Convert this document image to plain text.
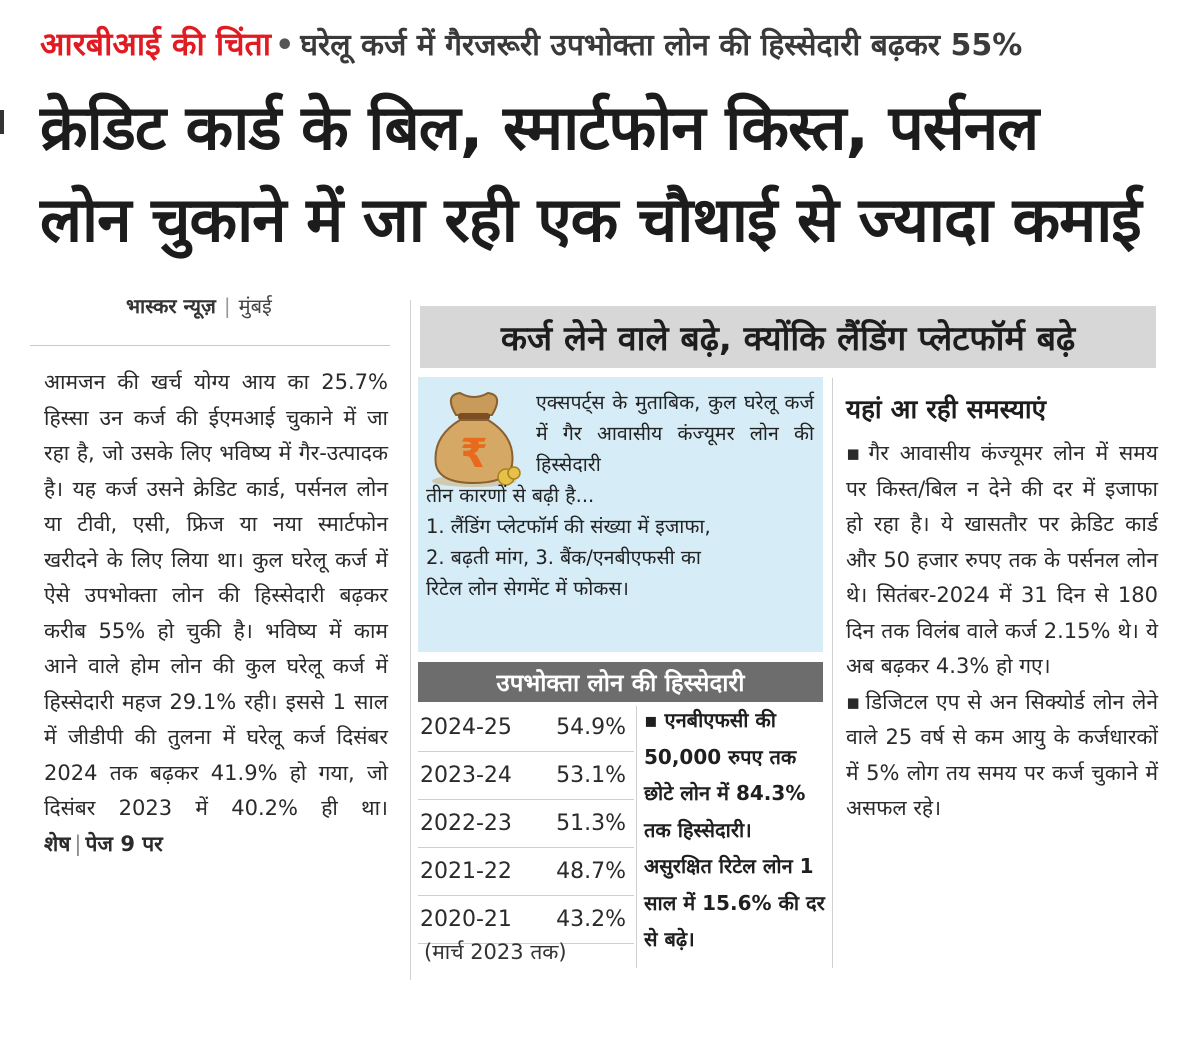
आरबीआई की चिंता • घरेलू कर्ज में गैरजरूरी उपभोक्ता लोन की हिस्सेदारी बढ़कर 55%
क्रेडिट कार्ड के बिल, स्मार्टफोन किस्त, पर्सनल
लोन चुकाने में जा रही एक चौथाई से ज्यादा कमाई
भास्कर न्यूज़ | मुंबई
आमजन की खर्च योग्य आय का 25.7% हिस्सा उन कर्ज की ईएमआई चुकाने में जा रहा है, जो उसके लिए भविष्य में गैर-उत्पादक है। यह कर्ज उसने क्रेडिट कार्ड, पर्सनल लोन या टीवी, एसी, फ्रिज या नया स्मार्टफोन खरीदने के लिए लिया था। कुल घरेलू कर्ज में ऐसे उपभोक्ता लोन की हिस्सेदारी बढ़कर करीब 55% हो चुकी है। भविष्य में काम आने वाले होम लोन की कुल घरेलू कर्ज में हिस्सेदारी महज 29.1% रही। इससे 1 साल में जीडीपी की तुलना में घरेलू कर्ज दिसंबर 2024 तक बढ़कर 41.9% हो गया, जो दिसंबर 2023 में 40.2% ही था। शेष | पेज 9 पर
कर्ज लेने वाले बढ़े, क्योंकि लैंडिंग प्लेटफॉर्म बढ़े
₹
एक्सपर्ट्स के मुताबिक, कुल घरेलू कर्ज में गैर आवासीय कंज्यूमर लोन की हिस्सेदारी
तीन कारणों से बढ़ी है...
1. लैंडिंग प्लेटफॉर्म की संख्या में इजाफा,
2. बढ़ती मांग, 3. बैंक/एनबीएफसी का
रिटेल लोन सेगमेंट में फोकस।
उपभोक्ता लोन की हिस्सेदारी
2024-25 54.9%
2023-24 53.1%
2022-23 51.3%
2021-22 48.7%
2020-21 43.2%
(मार्च 2023 तक)
▪ एनबीएफसी की 50,000 रुपए तक छोटे लोन में 84.3% तक हिस्सेदारी। असुरक्षित रिटेल लोन 1 साल में 15.6% की दर से बढ़े।
यहां आ रही समस्याएं

▪ गैर आवासीय कंज्यूमर लोन में समय पर किस्त/बिल न देने की दर में इजाफा हो रहा है। ये खासतौर पर क्रेडिट कार्ड और 50 हजार रुपए तक के पर्सनल लोन थे। सितंबर-2024 में 31 दिन से 180 दिन तक विलंब वाले कर्ज 2.15% थे। ये अब बढ़कर 4.3% हो गए।

▪ डिजिटल एप से अन सिक्योर्ड लोन लेने वाले 25 वर्ष से कम आयु के कर्जधारकों में 5% लोग तय समय पर कर्ज चुकाने में असफल रहे।
